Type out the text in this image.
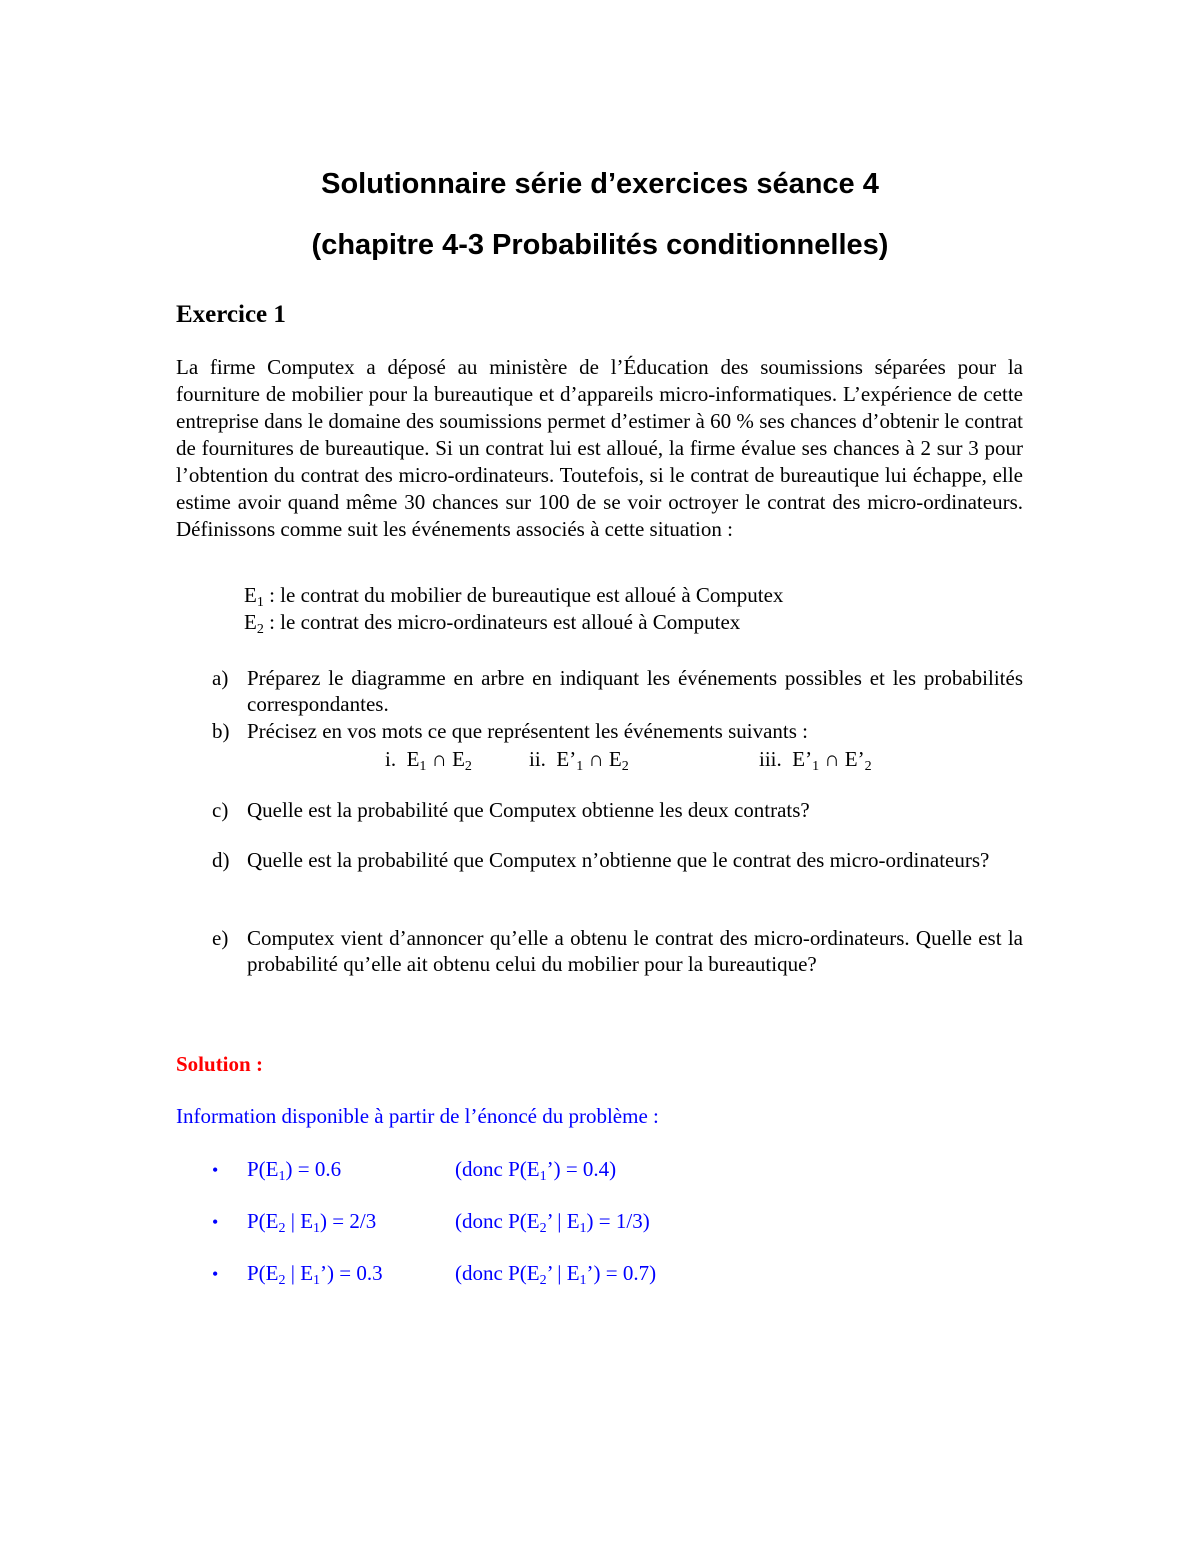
Solutionnaire série d’exercices séance 4
(chapitre 4-3 Probabilités conditionnelles)
Exercice 1
La firme Computex a déposé au ministère de l’Éducation des soumissions séparées pour la fourniture de mobilier pour la bureautique et d’appareils micro-informatiques. L’expérience de cette entreprise dans le domaine des soumissions permet d’estimer à 60 % ses chances d’obtenir le contrat de fournitures de bureautique. Si un contrat lui est alloué, la firme évalue ses chances à 2 sur 3 pour l’obtention du contrat des micro-ordinateurs. Toutefois, si le contrat de bureautique lui échappe, elle estime avoir quand même 30 chances sur 100 de se voir octroyer le contrat des micro-ordinateurs. Définissons comme suit les événements associés à cette situation :
$E_1$ : le contrat du mobilier de bureautique est alloué à Computex
$E_2$ : le contrat des micro-ordinateurs est alloué à Computex
a) Préparez le diagramme en arbre en indiquant les événements possibles et les probabilités correspondantes.
b) Précisez en vos mots ce que représentent les événements suivants :
i. $E_1$ ∩ $E_2$	ii. $E’_1$ ∩ $E_2$	iii. $E’_1$ ∩ $E’_2$
c) Quelle est la probabilité que Computex obtienne les deux contrats?
d) Quelle est la probabilité que Computex n’obtienne que le contrat des micro-ordinateurs?
e) Computex vient d’annoncer qu’elle a obtenu le contrat des micro-ordinateurs. Quelle est la probabilité qu’elle ait obtenu celui du mobilier pour la bureautique?
Solution :
Information disponible à partir de l’énoncé du problème :
• $P(E_1) = 0.6$	(donc $P(E_1’) = 0.4$)
• $P(E_2$ | $E_1) = 2/3$	(donc $P(E_2$’ | $E_1) = 1/3$)
• $P(E_2$ | $E_1’) = 0.3$	(donc $P(E_2$’ | $E_1’) = 0.7$)
